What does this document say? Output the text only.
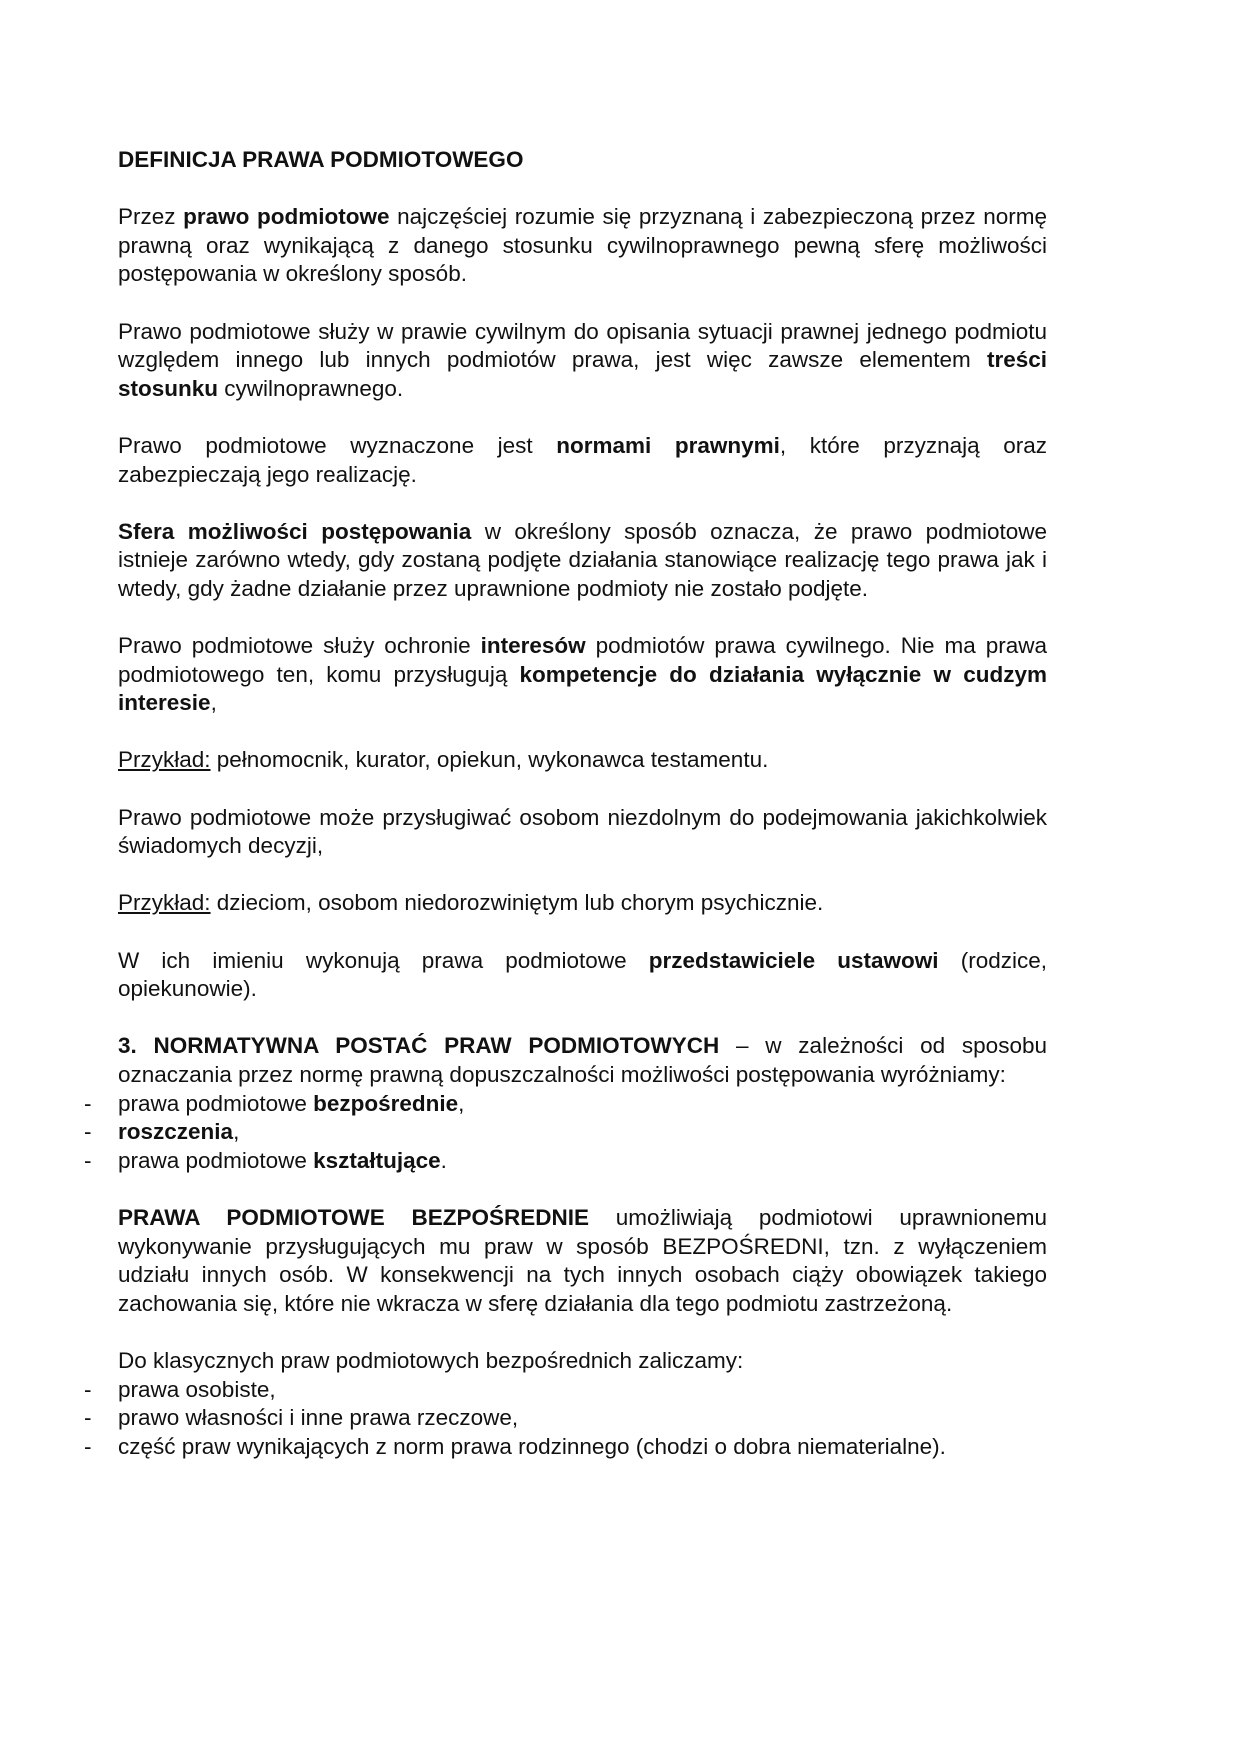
DEFINICJA PRAWA PODMIOTOWEGO

Przez prawo podmiotowe najczęściej rozumie się przyznaną i zabezpieczoną przez normę prawną oraz wynikającą z danego stosunku cywilnoprawnego pewną sferę możliwości postępowania w określony sposób.

Prawo podmiotowe służy w prawie cywilnym do opisania sytuacji prawnej jednego podmiotu względem innego lub innych podmiotów prawa, jest więc zawsze elementem treści stosunku cywilnoprawnego.

Prawo podmiotowe wyznaczone jest normami prawnymi, które przyznają oraz zabezpieczają jego realizację.

Sfera możliwości postępowania w określony sposób oznacza, że prawo podmiotowe istnieje zarówno wtedy, gdy zostaną podjęte działania stanowiące realizację tego prawa jak i wtedy, gdy żadne działanie przez uprawnione podmioty nie zostało podjęte.

Prawo podmiotowe służy ochronie interesów podmiotów prawa cywilnego. Nie ma prawa podmiotowego ten, komu przysługują kompetencje do działania wyłącznie w cudzym interesie,

Przykład: pełnomocnik, kurator, opiekun, wykonawca testamentu.

Prawo podmiotowe może przysługiwać osobom niezdolnym do podejmowania jakichkolwiek świadomych decyzji,

Przykład: dzieciom, osobom niedorozwiniętym lub chorym psychicznie.

W ich imieniu wykonują prawa podmiotowe przedstawiciele ustawowi (rodzice, opiekunowie).

3. NORMATYWNA POSTAĆ PRAW PODMIOTOWYCH – w zależności od sposobu oznaczania przez normę prawną dopuszczalności możliwości postępowania wyróżniamy:

- prawa podmiotowe bezpośrednie,
- roszczenia,
- prawa podmiotowe kształtujące.

PRAWA PODMIOTOWE BEZPOŚREDNIE umożliwiają podmiotowi uprawnionemu wykonywanie przysługujących mu praw w sposób BEZPOŚREDNI, tzn. z wyłączeniem udziału innych osób. W konsekwencji na tych innych osobach ciąży obowiązek takiego zachowania się, które nie wkracza w sferę działania dla tego podmiotu zastrzeżoną.

Do klasycznych praw podmiotowych bezpośrednich zaliczamy:

- prawa osobiste,
- prawo własności i inne prawa rzeczowe,
- część praw wynikających z norm prawa rodzinnego (chodzi o dobra niematerialne).
